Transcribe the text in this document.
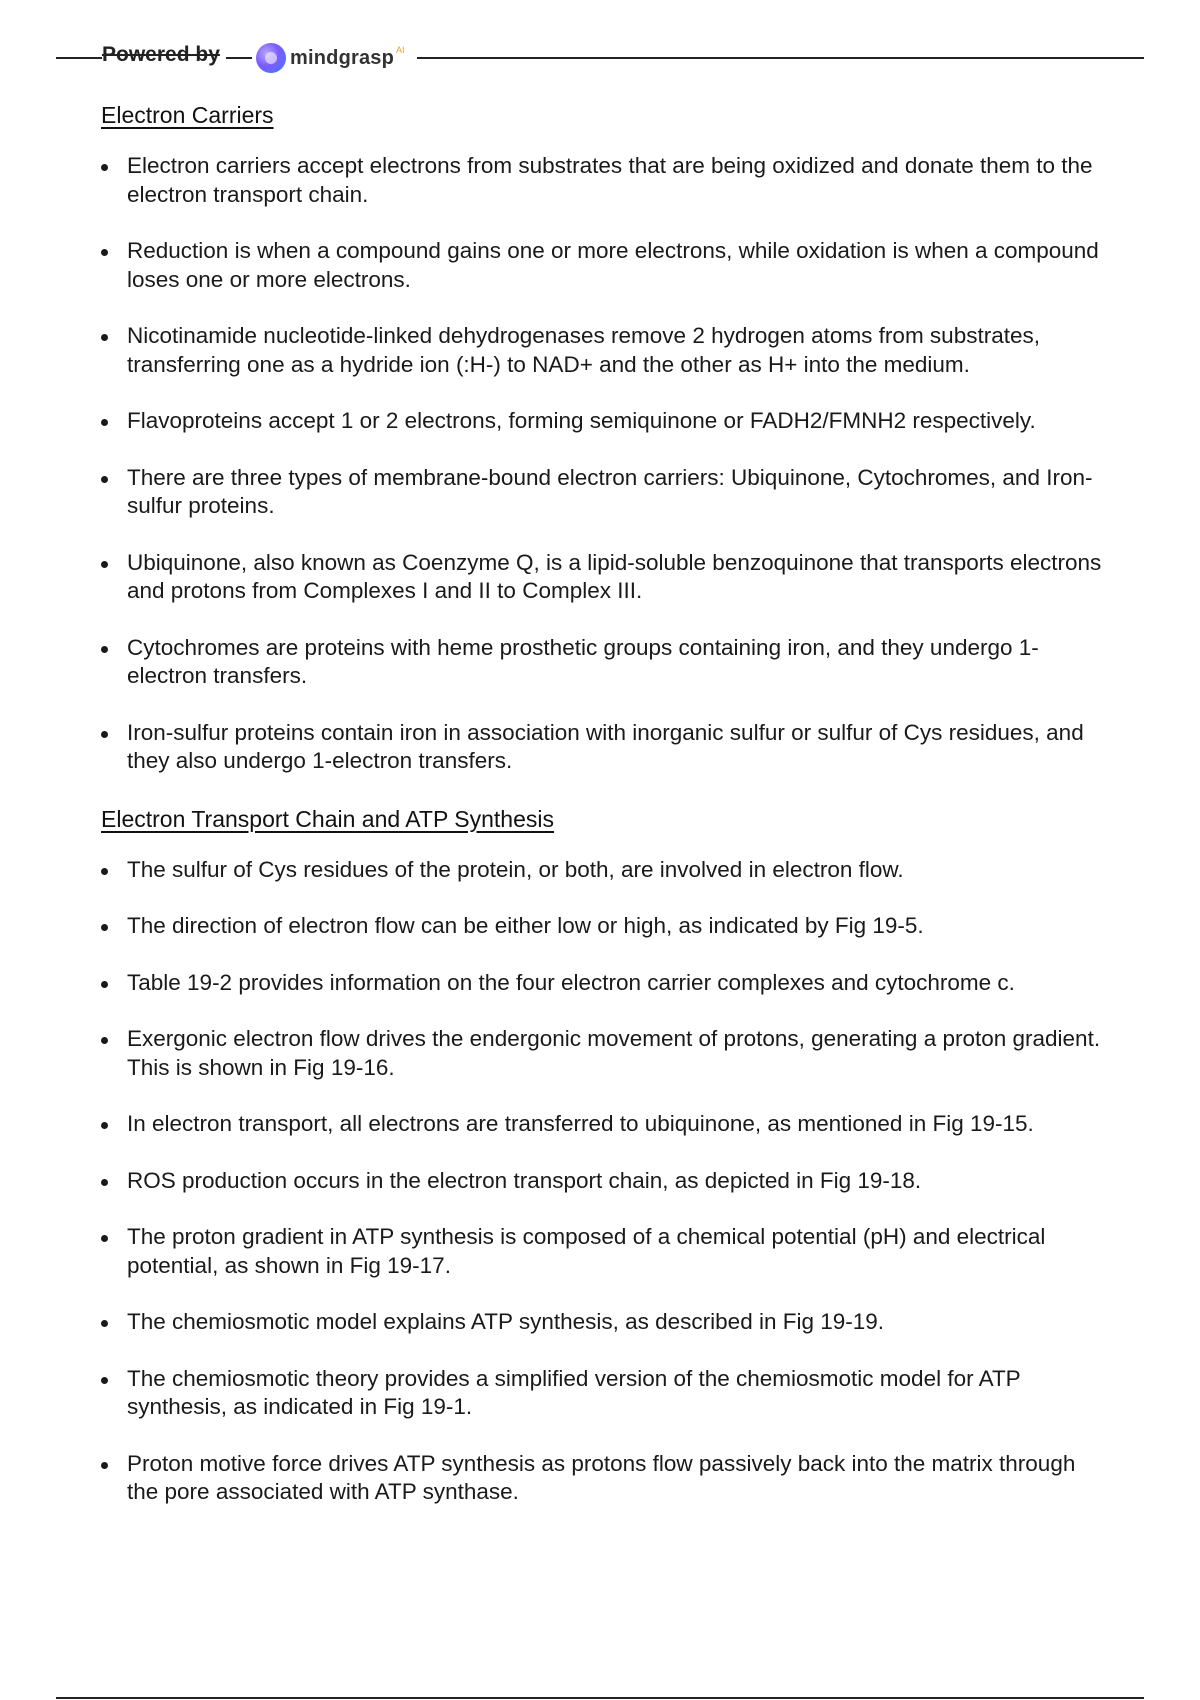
Powered by	mindgrasp AI
Electron Carriers
Electron carriers accept electrons from substrates that are being oxidized and donate them to the electron transport chain.
Reduction is when a compound gains one or more electrons, while oxidation is when a compound loses one or more electrons.
Nicotinamide nucleotide-linked dehydrogenases remove 2 hydrogen atoms from substrates, transferring one as a hydride ion (:H-) to NAD+ and the other as H+ into the medium.
Flavoproteins accept 1 or 2 electrons, forming semiquinone or FADH2/FMNH2 respectively.
There are three types of membrane-bound electron carriers: Ubiquinone, Cytochromes, and Iron-sulfur proteins.
Ubiquinone, also known as Coenzyme Q, is a lipid-soluble benzoquinone that transports electrons and protons from Complexes I and II to Complex III.
Cytochromes are proteins with heme prosthetic groups containing iron, and they undergo 1-electron transfers.
Iron-sulfur proteins contain iron in association with inorganic sulfur or sulfur of Cys residues, and they also undergo 1-electron transfers.
Electron Transport Chain and ATP Synthesis
The sulfur of Cys residues of the protein, or both, are involved in electron flow.
The direction of electron flow can be either low or high, as indicated by Fig 19-5.
Table 19-2 provides information on the four electron carrier complexes and cytochrome c.
Exergonic electron flow drives the endergonic movement of protons, generating a proton gradient. This is shown in Fig 19-16.
In electron transport, all electrons are transferred to ubiquinone, as mentioned in Fig 19-15.
ROS production occurs in the electron transport chain, as depicted in Fig 19-18.
The proton gradient in ATP synthesis is composed of a chemical potential (pH) and electrical potential, as shown in Fig 19-17.
The chemiosmotic model explains ATP synthesis, as described in Fig 19-19.
The chemiosmotic theory provides a simplified version of the chemiosmotic model for ATP synthesis, as indicated in Fig 19-1.
Proton motive force drives ATP synthesis as protons flow passively back into the matrix through the pore associated with ATP synthase.
